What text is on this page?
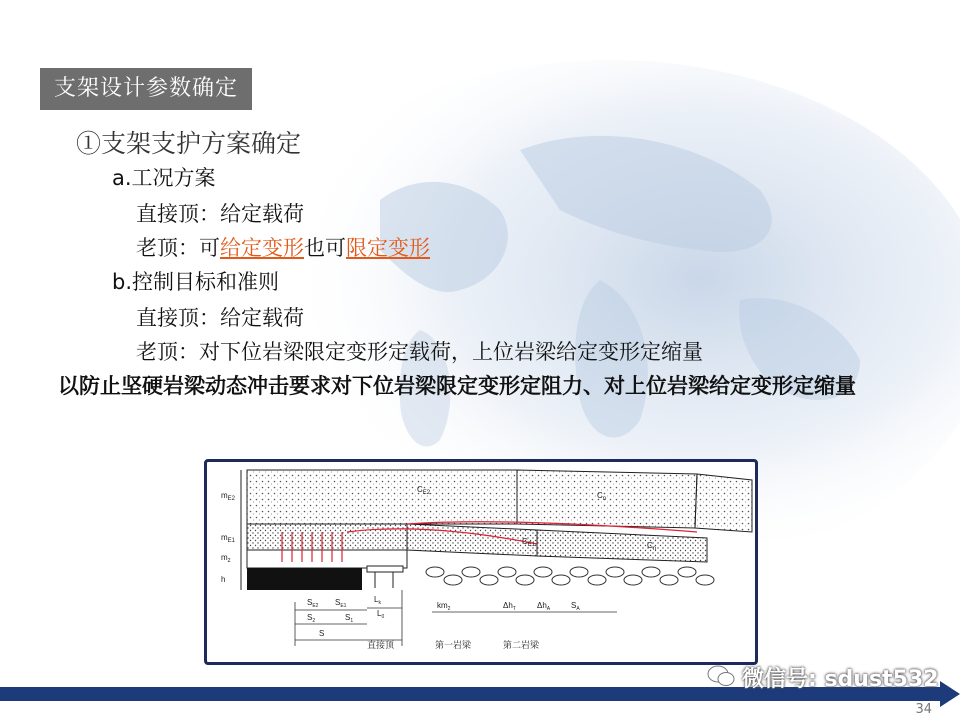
支架设计参数确定
①支架支护方案确定
a.工况方案
直接顶：给定载荷
老顶：可给定变形也可限定变形
b.控制目标和准则
直接顶：给定载荷
老顶：对下位岩梁限定变形定载荷，上位岩梁给定变形定缩量
以防止坚硬岩梁动态冲击要求对下位岩梁限定变形定阻力、对上位岩梁给定变形定缩量
$m_{E2}$
$m_{E1}$
$m_z$
h
$C_{E2}$	$C_n$
$C_{E1}$	$C_n$
$S_{E2}$ $S_{E1}$
$L_k$
$L_0$
$S_2$	$S_1$
S
$km_2$	$\Delta h_T$	$\Delta h_A$	$S_A$
直接顶	第一岩梁	第二岩梁
微信号: sdust532
34
